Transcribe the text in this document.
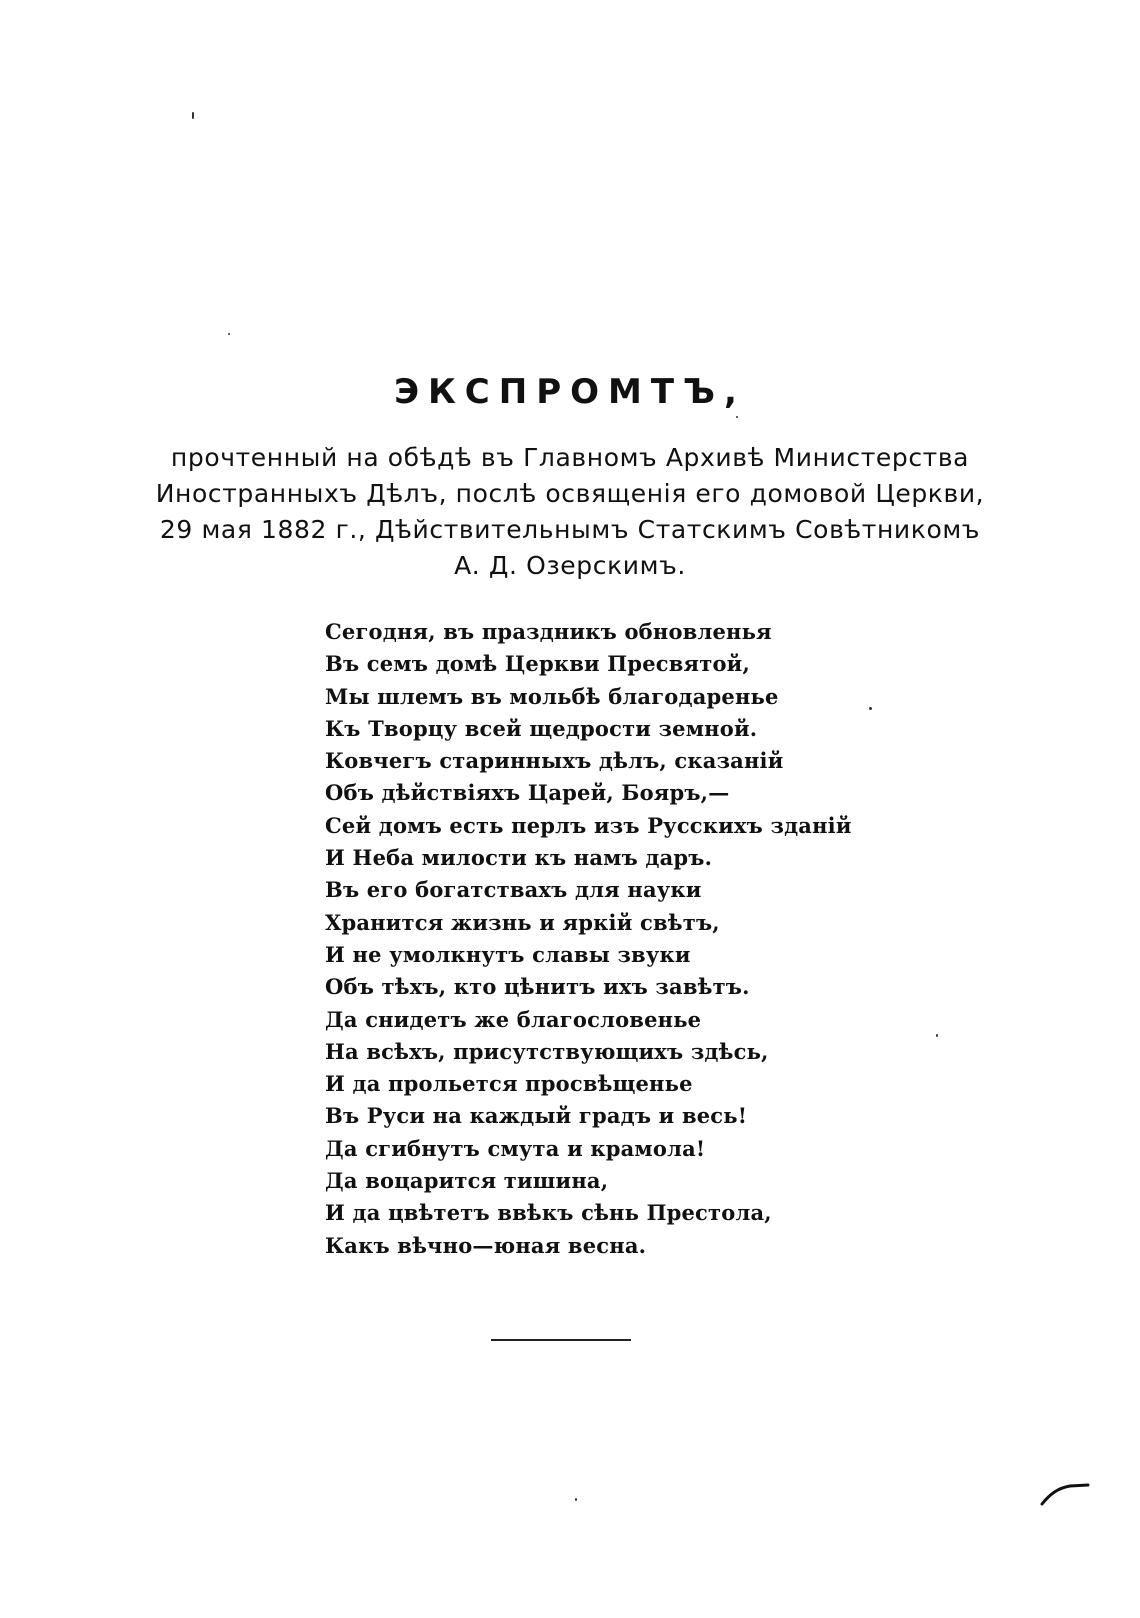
ЭКСПРОМТЪ,
прочтенный на обѣдѣ въ Главномъ Архивѣ Министерства
Иностранныхъ Дѣлъ, послѣ освященія его домовой Церкви,
29 мая 1882 г., Дѣйствительнымъ Статскимъ Совѣтникомъ
А. Д. Озерскимъ.
Сегодня, въ праздникъ обновленья
Въ семъ домѣ Церкви Пресвятой,
Мы шлемъ въ мольбѣ благодаренье
Къ Творцу всей щедрости земной.
Ковчегъ старинныхъ дѣлъ, сказаній
Объ дѣйствіяхъ Царей, Бояръ,—
Сей домъ есть перлъ изъ Русскихъ зданій
И Неба милости къ намъ даръ.
Въ его богатствахъ для науки
Хранится жизнь и яркій свѣтъ,
И не умолкнутъ славы звуки
Объ тѣхъ, кто цѣнитъ ихъ завѣтъ.
Да снидетъ же благословенье
На всѣхъ, присутствующихъ здѣсь,
И да прольется просвѣщенье
Въ Руси на каждый градъ и весь!
Да сгибнутъ смута и крамола!
Да воцарится тишина,
И да цвѣтетъ ввѣкъ сѣнь Престола,
Какъ вѣчно—юная весна.
